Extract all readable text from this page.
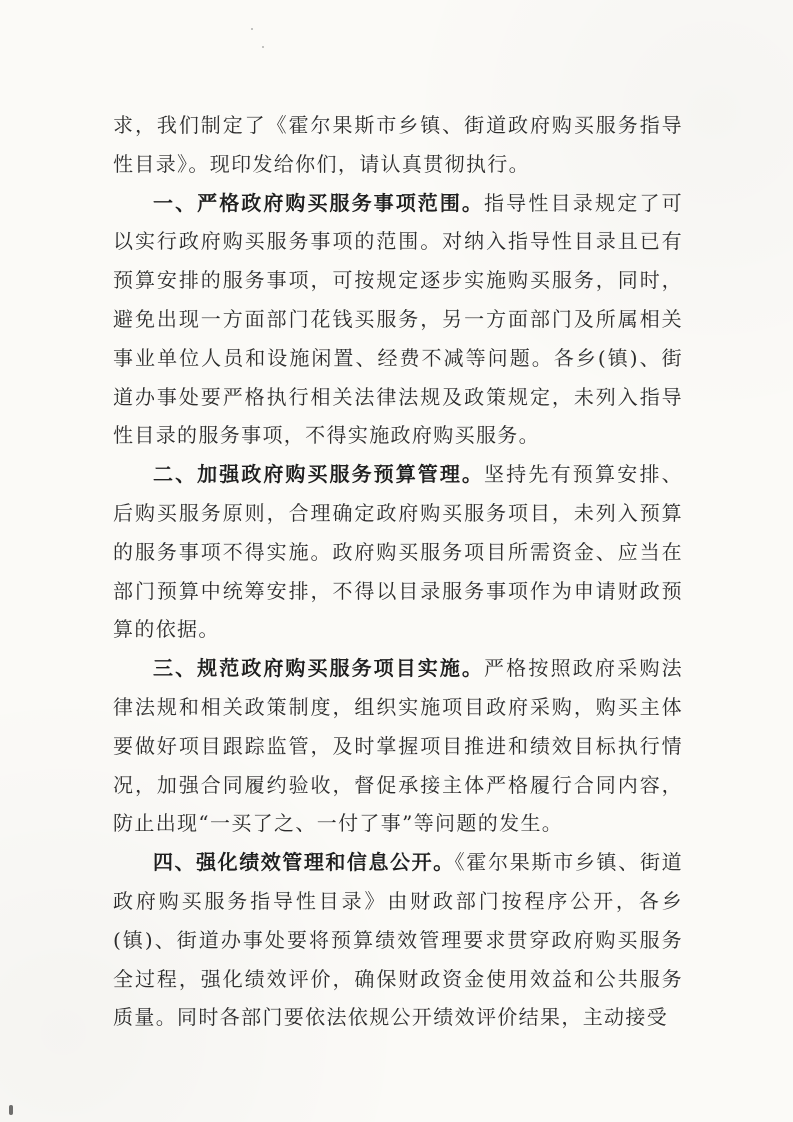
求，我们制定了《霍尔果斯市乡镇、街道政府购买服务指导性目录》。现印发给你们，请认真贯彻执行。

一、严格政府购买服务事项范围。指导性目录规定了可以实行政府购买服务事项的范围。对纳入指导性目录且已有预算安排的服务事项，可按规定逐步实施购买服务，同时，避免出现一方面部门花钱买服务，另一方面部门及所属相关事业单位人员和设施闲置、经费不减等问题。各乡(镇)、街道办事处要严格执行相关法律法规及政策规定，未列入指导性目录的服务事项，不得实施政府购买服务。

二、加强政府购买服务预算管理。坚持先有预算安排、后购买服务原则，合理确定政府购买服务项目，未列入预算的服务事项不得实施。政府购买服务项目所需资金、应当在部门预算中统筹安排，不得以目录服务事项作为申请财政预算的依据。

三、规范政府购买服务项目实施。严格按照政府采购法律法规和相关政策制度，组织实施项目政府采购，购买主体要做好项目跟踪监管，及时掌握项目推进和绩效目标执行情况，加强合同履约验收，督促承接主体严格履行合同内容，防止出现“一买了之、一付了事”等问题的发生。

四、强化绩效管理和信息公开。《霍尔果斯市乡镇、街道政府购买服务指导性目录》由财政部门按程序公开，各乡(镇)、街道办事处要将预算绩效管理要求贯穿政府购买服务全过程，强化绩效评价，确保财政资金使用效益和公共服务质量。同时各部门要依法依规公开绩效评价结果，主动接受
